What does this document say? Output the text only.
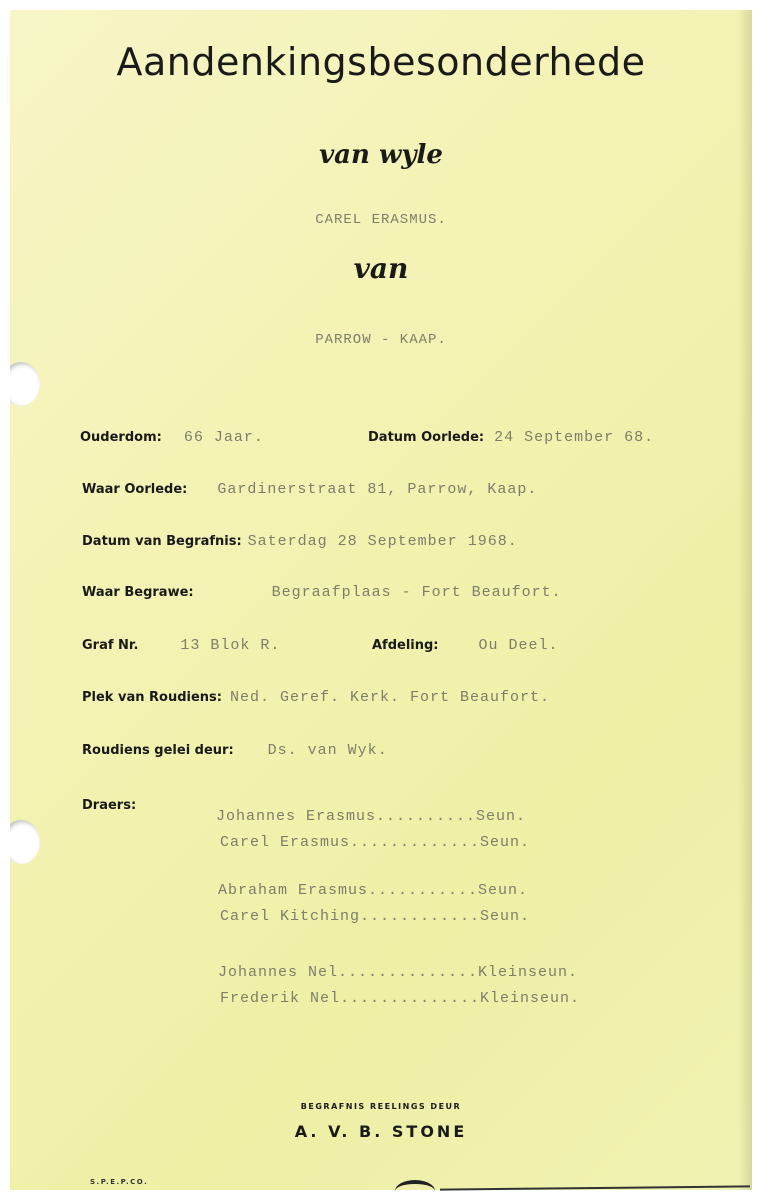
Aandenkingsbesonderhede
van wyle
CAREL ERASMUS.
van
PARROW - KAAP.
Ouderdom: 66 Jaar.	Datum Oorlede: 24 September 68.
Waar Oorlede: Gardinerstraat 81, Parrow, Kaap.
Datum van Begrafnis: Saterdag 28 September 1968.
Waar Begrawe:	Begraafplaas - Fort Beaufort.
Graf Nr.	13 Blok R.	Afdeling:	Ou Deel.
Plek van Roudiens: Ned. Geref. Kerk. Fort Beaufort.
Roudiens gelei deur: Ds. van Wyk.
Draers:
Johannes Erasmus..........Seun.
Carel Erasmus.............Seun.
Abraham Erasmus...........Seun.
Carel Kitching............Seun.
Johannes Nel..............Kleinseun.
Frederik Nel..............Kleinseun.
BEGRAFNIS REELINGS DEUR
A. V. B. STONE
S.P.E.P.CO.
